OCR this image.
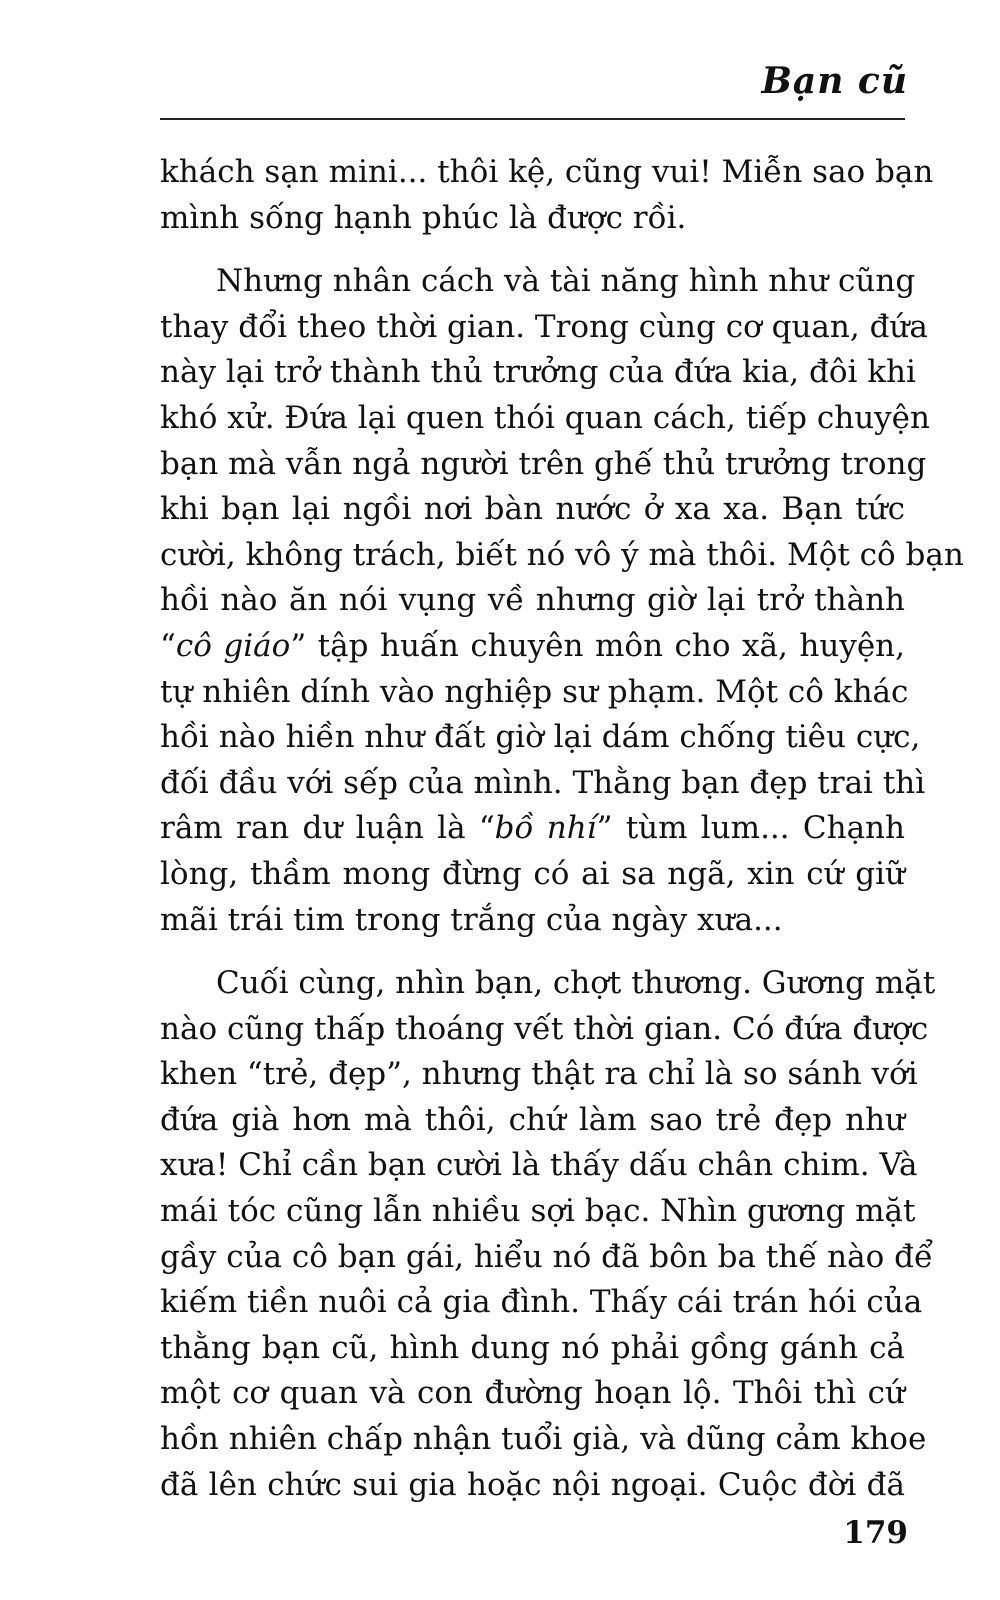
Bạn cũ

khách sạn mini... thôi kệ, cũng vui! Miễn sao bạn
mình sống hạnh phúc là được rồi.

Nhưng nhân cách và tài năng hình như cũng
thay đổi theo thời gian. Trong cùng cơ quan, đứa
này lại trở thành thủ trưởng của đứa kia, đôi khi
khó xử. Đứa lại quen thói quan cách, tiếp chuyện
bạn mà vẫn ngả người trên ghế thủ trưởng trong
khi bạn lại ngồi nơi bàn nước ở xa xa. Bạn tức
cười, không trách, biết nó vô ý mà thôi. Một cô bạn
hồi nào ăn nói vụng về nhưng giờ lại trở thành
“cô giáo” tập huấn chuyên môn cho xã, huyện,
tự nhiên dính vào nghiệp sư phạm. Một cô khác
hồi nào hiền như đất giờ lại dám chống tiêu cực,
đối đầu với sếp của mình. Thằng bạn đẹp trai thì
râm ran dư luận là “bồ nhí” tùm lum... Chạnh
lòng, thầm mong đừng có ai sa ngã, xin cứ giữ
mãi trái tim trong trắng của ngày xưa...

Cuối cùng, nhìn bạn, chợt thương. Gương mặt
nào cũng thấp thoáng vết thời gian. Có đứa được
khen “trẻ, đẹp”, nhưng thật ra chỉ là so sánh với
đứa già hơn mà thôi, chứ làm sao trẻ đẹp như
xưa! Chỉ cần bạn cười là thấy dấu chân chim. Và
mái tóc cũng lẫn nhiều sợi bạc. Nhìn gương mặt
gầy của cô bạn gái, hiểu nó đã bôn ba thế nào để
kiếm tiền nuôi cả gia đình. Thấy cái trán hói của
thằng bạn cũ, hình dung nó phải gồng gánh cả
một cơ quan và con đường hoạn lộ. Thôi thì cứ
hồn nhiên chấp nhận tuổi già, và dũng cảm khoe
đã lên chức sui gia hoặc nội ngoại. Cuộc đời đã

179
